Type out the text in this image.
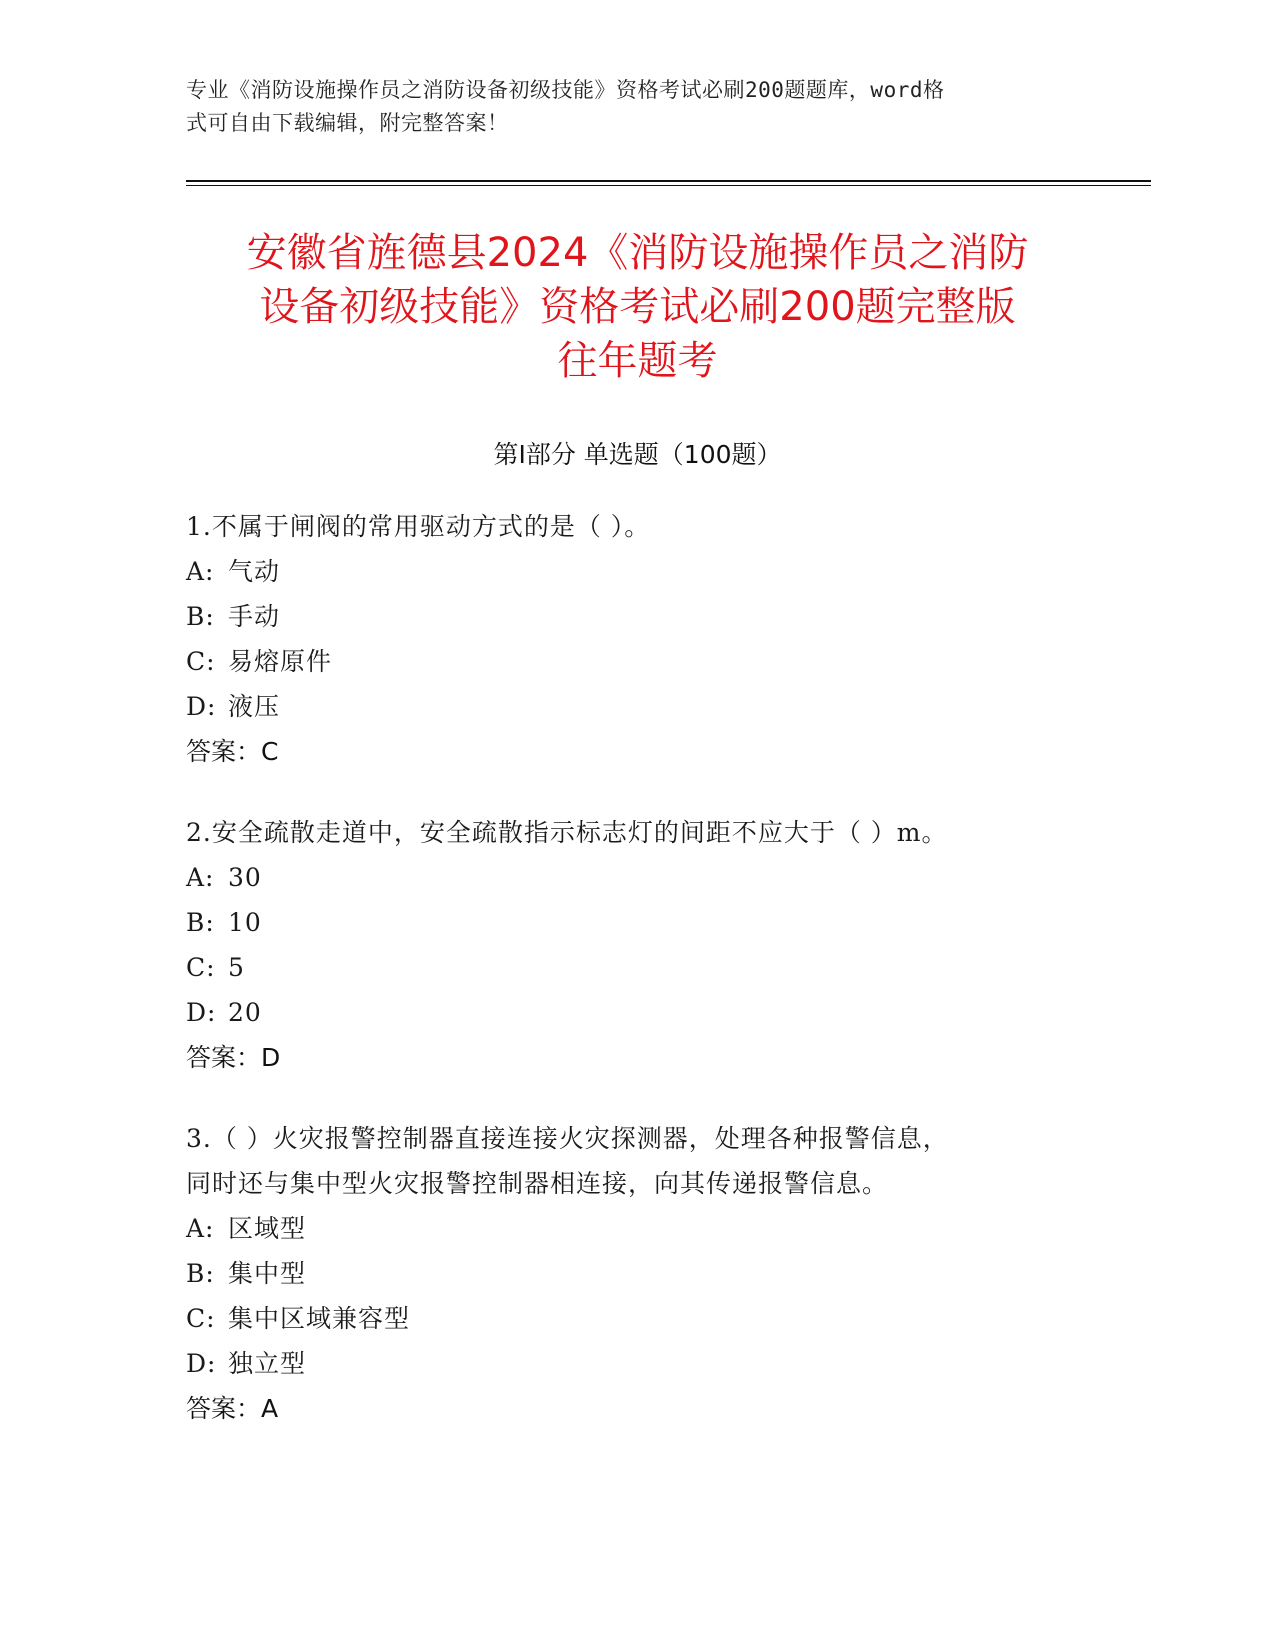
专业《消防设施操作员之消防设备初级技能》资格考试必刷200题题库，word格
式可自由下载编辑，附完整答案！
安徽省旌德县2024《消防设施操作员之消防
设备初级技能》资格考试必刷200题完整版
往年题考
第Ⅰ部分 单选题（100题）
1.不属于闸阀的常用驱动方式的是（ ）。
A: 气动
B: 手动
C: 易熔原件
D: 液压
答案：C
2.安全疏散走道中，安全疏散指示标志灯的间距不应大于（ ）m。
A: 30
B: 10
C: 5
D: 20
答案：D
3.（ ）火灾报警控制器直接连接火灾探测器，处理各种报警信息，
同时还与集中型火灾报警控制器相连接，向其传递报警信息。
A: 区域型
B: 集中型
C: 集中区域兼容型
D: 独立型
答案：A
